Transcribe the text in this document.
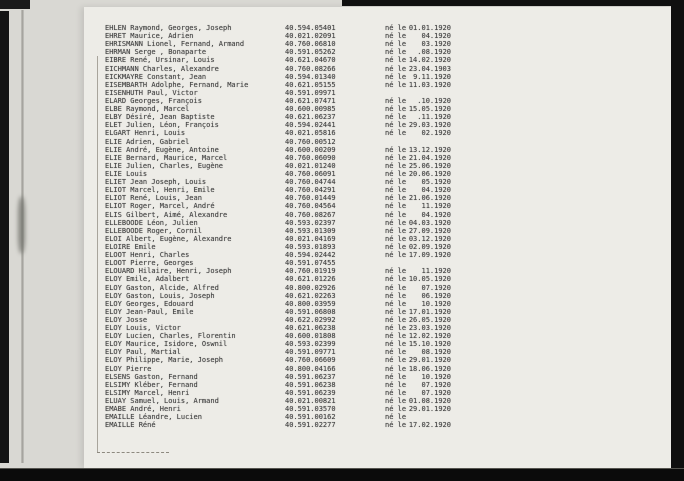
EHLEN Raymond, Georges, Joseph	40.594.05401	né le 01.01.1920
EHRET Maurice, Adrien	40.021.02091	né le	04.1920
EHRISMANN Lionel, Fernand, Armand	40.760.06810	né le	03.1920
EHRMAN Serge , Bonaparte	40.591.05262	né le	.08.1920
EIBRE René, Ursinar, Louis	40.621.04670	né le 14.02.1920
EICHMANN Charles, Alexandre	40.760.08266	né le 23.04.1903
EICKMAYRE Constant, Jean	40.594.01340	né le 9.11.1920
EISEMBARTH Adolphe, Fernand, Marie	40.621.05155	né le 11.03.1920
EISENHUTH Paul, Victor	40.591.09971
ELARD Georges, François	40.621.07471	né le	.10.1920
ELBE Raymond, Marcel	40.600.00985	né le 15.05.1920
ELBY Désiré, Jean Baptiste	40.621.06237	né le	.11.1920
ELET Julien, Léon, François	40.594.02441	né le 29.03.1920
ELGART Henri, Louis	40.021.05816	né le	02.1920
ELIE Adrien, Gabriel	40.760.00512
ELIE André, Eugène, Antoine	40.600.00209	né le 13.12.1920
ELIE Bernard, Maurice, Marcel	40.760.06090	né le 21.04.1920
ELIE Julien, Charles, Eugène	40.021.01240	né le 25.06.1920
ELIE Louis	40.760.06091	né le 20.06.1920
ELIET Jean Joseph, Louis	40.760.04744	né le	05.1920
ELIOT Marcel, Henri, Emile	40.760.04291	né le	04.1920
ELIOT René, Louis, Jean	40.760.01449	né le 21.06.1920
ELIOT Roger, Marcel, André	40.760.04564	né le	11.1920
ELIS Gilbert, Aimé, Alexandre	40.760.08267	né le	04.1920
ELLEBOODE Léon, Julien	40.593.02397	né le 04.03.1920
ELLEBOODE Roger, Cornil	40.593.01309	né le 27.09.1920
ELOI Albert, Eugène, Alexandre	40.021.04169	né le 03.12.1920
ELOIRE Emile	40.593.01893	né le 02.09.1920
ELOOT Henri, Charles	40.594.02442	né le 17.09.1920
ELOOT Pierre, Georges	40.591.07455
ELOUARD Hilaire, Henri, Joseph	40.760.01919	né le	11.1920
ELOY Emile, Adalbert	40.621.01226	né le 10.05.1920
ELOY Gaston, Alcide, Alfred	40.800.02926	né le	07.1920
ELOY Gaston, Louis, Joseph	40.621.02263	né le	06.1920
ELOY Georges, Edouard	40.800.03959	né le	10.1920
ELOY Jean-Paul, Emile	40.591.06808	né le 17.01.1920
ELOY Josse	40.622.02992	né le 26.05.1920
ELOY Louis, Victor	40.621.06238	né le 23.03.1920
ELOY Lucien, Charles, Florentin	40.600.01808	né le 12.02.1920
ELOY Maurice, Isidore, Oswnil	40.593.02399	né le 15.10.1920
ELOY Paul, Martial	40.591.09771	né le	08.1920
ELOY Philippe, Marie, Joseph	40.760.06609	né le 29.01.1920
ELOY Pierre	40.800.04166	né le 18.06.1920
ELSENS Gaston, Fernand	40.591.06237	né le	10.1920
ELSIMY Kléber, Fernand	40.591.06238	né le	07.1920
ELSIMY Marcel, Henri	40.591.06239	né le	07.1920
ELUAY Samuel, Louis, Armand	40.021.00821	né le 01.08.1920
EMABE André, Henri	40.591.03570	né le 29.01.1920
EMAILLE Léandre, Lucien	40.591.00162	né le
EMAILLE Réné	40.591.02277	né le 17.02.1920
